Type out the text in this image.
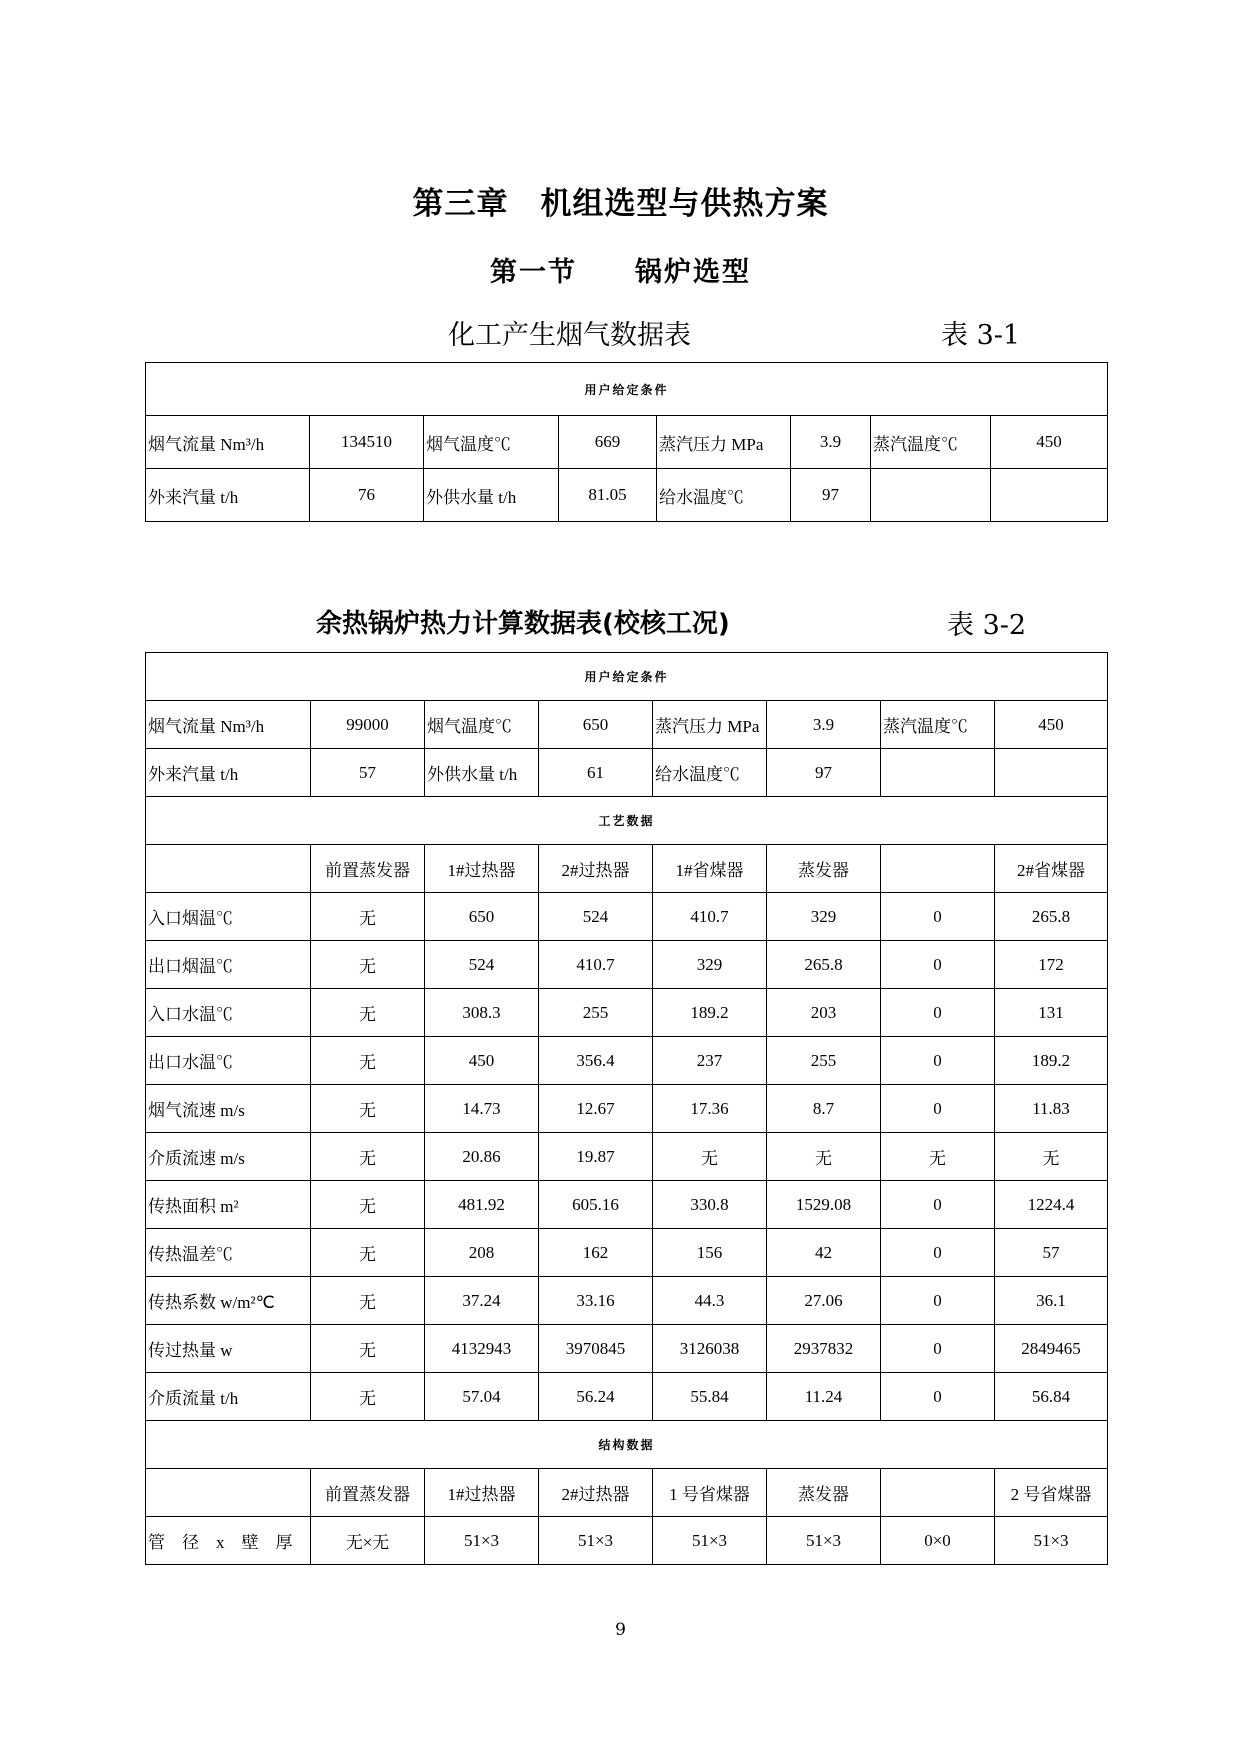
第三章　机组选型与供热方案
第一节　　锅炉选型
化工产生烟气数据表	表 3-1
用户给定条件							
烟气流量 Nm³/h	134510	烟气温度℃	669	蒸汽压力 MPa	3.9	蒸汽温度℃	450
外来汽量 t/h	76	外供水量 t/h	81.05	给水温度℃	97		
余热锅炉热力计算数据表(校核工况)	表 3-2
用户给定条件							
烟气流量 Nm³/h	99000	烟气温度℃	650	蒸汽压力 MPa	3.9	蒸汽温度℃	450
外来汽量 t/h	57	外供水量 t/h	61	给水温度℃	97		
工艺数据							
	前置蒸发器	1#过热器	2#过热器	1#省煤器	蒸发器		2#省煤器
入口烟温℃	无	650	524	410.7	329	0	265.8
出口烟温℃	无	524	410.7	329	265.8	0	172
入口水温℃	无	308.3	255	189.2	203	0	131
出口水温℃	无	450	356.4	237	255	0	189.2
烟气流速 m/s	无	14.73	12.67	17.36	8.7	0	11.83
介质流速 m/s	无	20.86	19.87	无	无	无	无
传热面积 m²	无	481.92	605.16	330.8	1529.08	0	1224.4
传热温差℃	无	208	162	156	42	0	57
传热系数 w/m²℃	无	37.24	33.16	44.3	27.06	0	36.1
传过热量 w	无	4132943	3970845	3126038	2937832	0	2849465
介质流量 t/h	无	57.04	56.24	55.84	11.24	0	56.84
结构数据							
	前置蒸发器	1#过热器	2#过热器	1 号省煤器	蒸发器		2 号省煤器
管　径　x　壁　厚	无×无	51×3	51×3	51×3	51×3	0×0	51×3
9
